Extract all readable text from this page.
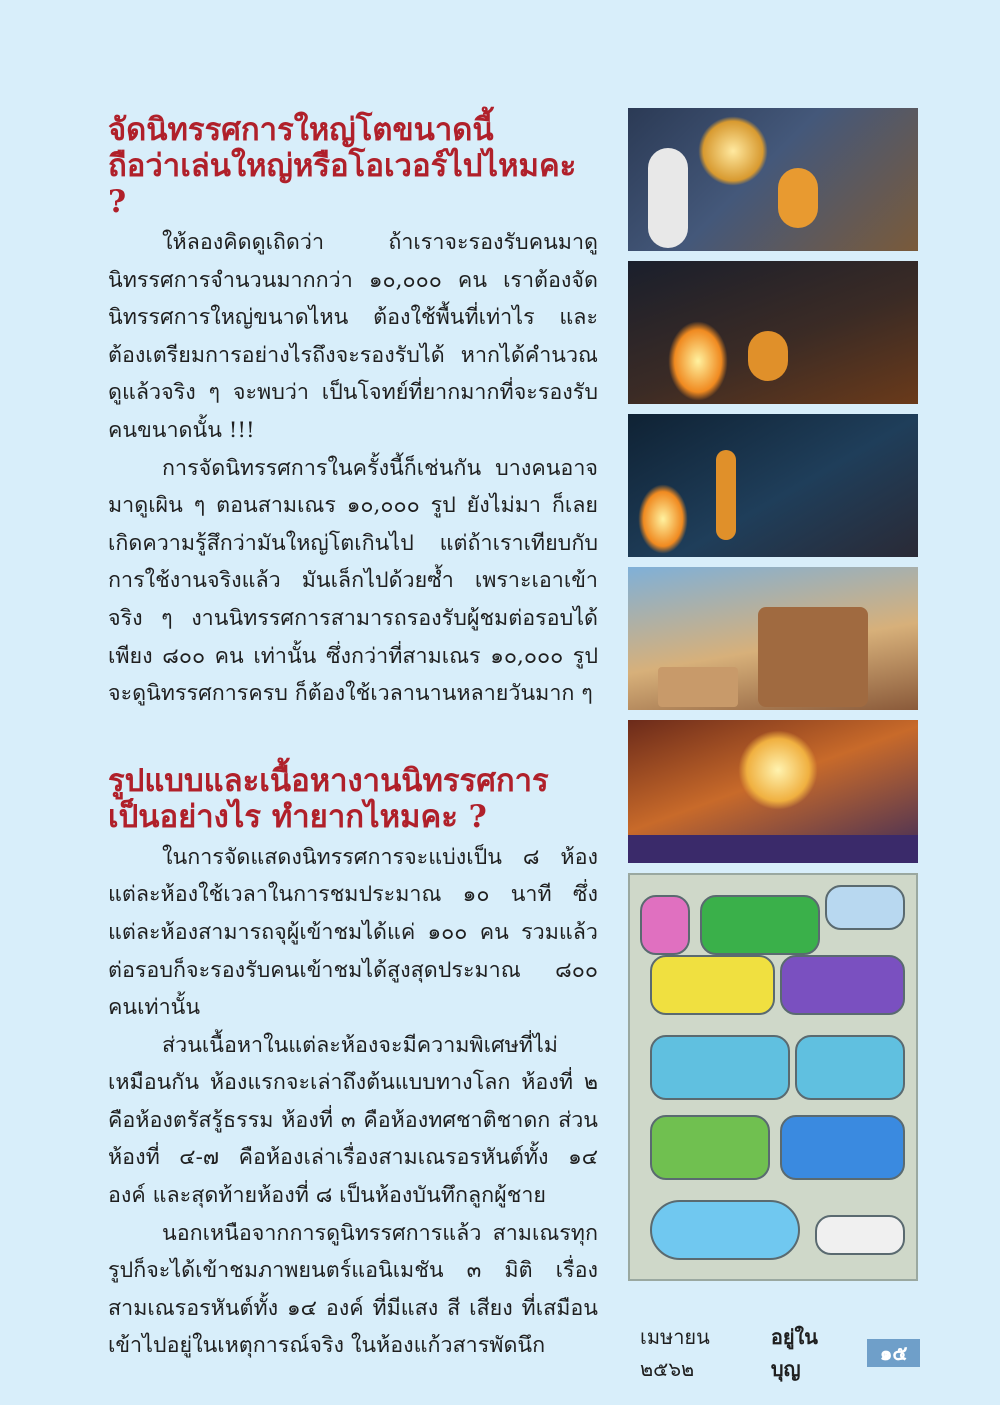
จัดนิทรรศการใหญ่โตขนาดนี้
ถือว่าเล่นใหญ่หรือโอเวอร์ไปไหมคะ ?

ให้ลองคิดดูเถิดว่า ถ้าเราจะรองรับคนมาดูนิทรรศการจำนวนมากกว่า ๑๐,๐๐๐ คน เราต้องจัดนิทรรศการใหญ่ขนาดไหน ต้องใช้พื้นที่เท่าไร และต้องเตรียมการอย่างไรถึงจะรองรับได้ หากได้คำนวณดูแล้วจริง ๆ จะพบว่า เป็นโจทย์ที่ยากมากที่จะรองรับคนขนาดนั้น !!!

การจัดนิทรรศการในครั้งนี้ก็เช่นกัน บางคนอาจมาดูเผิน ๆ ตอนสามเณร ๑๐,๐๐๐ รูป ยังไม่มา ก็เลยเกิดความรู้สึกว่ามันใหญ่โตเกินไป แต่ถ้าเราเทียบกับการใช้งานจริงแล้ว มันเล็กไปด้วยซ้ำ เพราะเอาเข้าจริง ๆ งานนิทรรศการสามารถรองรับผู้ชมต่อรอบได้เพียง ๘๐๐ คน เท่านั้น ซึ่งกว่าที่สามเณร ๑๐,๐๐๐ รูป จะดูนิทรรศการครบ ก็ต้องใช้เวลานานหลายวันมาก ๆ

รูปแบบและเนื้อหางานนิทรรศการ
เป็นอย่างไร ทำยากไหมคะ ?

ในการจัดแสดงนิทรรศการจะแบ่งเป็น ๘ ห้อง แต่ละห้องใช้เวลาในการชมประมาณ ๑๐ นาที ซึ่งแต่ละห้องสามารถจุผู้เข้าชมได้แค่ ๑๐๐ คน รวมแล้วต่อรอบก็จะรองรับคนเข้าชมได้สูงสุดประมาณ ๘๐๐ คนเท่านั้น

ส่วนเนื้อหาในแต่ละห้องจะมีความพิเศษที่ไม่เหมือนกัน ห้องแรกจะเล่าถึงต้นแบบทางโลก ห้องที่ ๒ คือห้องตรัสรู้ธรรม ห้องที่ ๓ คือห้องทศชาติชาดก ส่วนห้องที่ ๔-๗ คือห้องเล่าเรื่องสามเณรอรหันต์ทั้ง ๑๔ องค์ และสุดท้ายห้องที่ ๘ เป็นห้องบันทึกลูกผู้ชาย

นอกเหนือจากการดูนิทรรศการแล้ว สามเณรทุกรูปก็จะได้เข้าชมภาพยนตร์แอนิเมชัน ๓ มิติ เรื่อง สามเณรอรหันต์ทั้ง ๑๔ องค์ ที่มีแสง สี เสียง ที่เสมือนเข้าไปอยู่ในเหตุการณ์จริง ในห้องแก้วสารพัดนึก	เมษายน ๒๕๖๒
อยู่ในบุญ
๑๕
